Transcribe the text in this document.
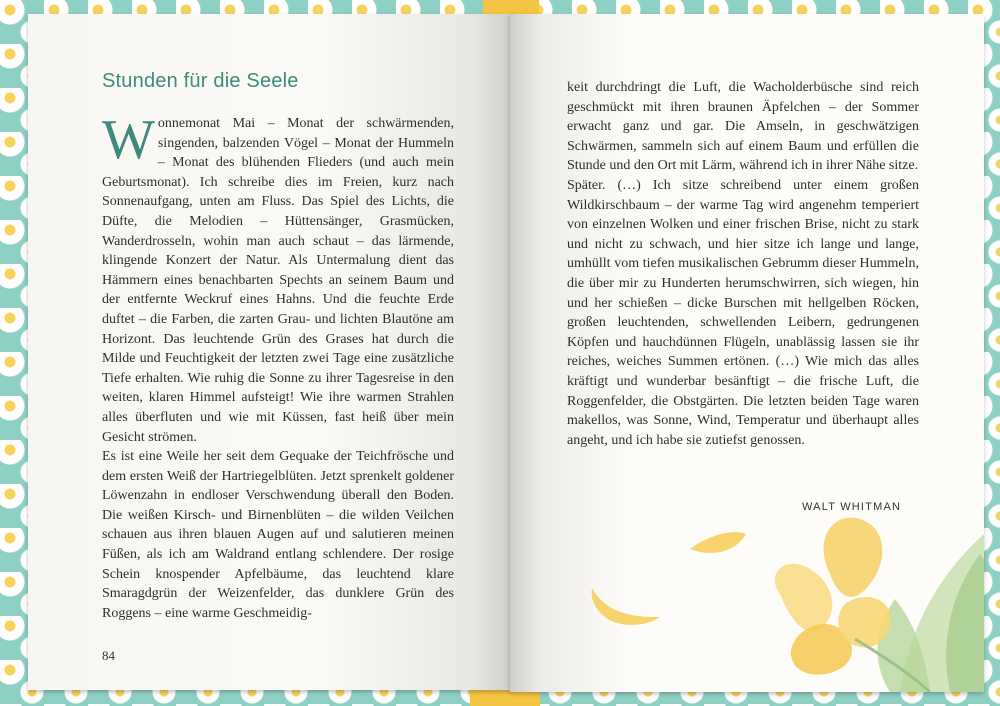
Stunden für die Seele

Wonnemonat Mai – Monat der schwärmenden, singenden, balzenden Vögel – Monat der Hummeln – Monat des blühenden Flieders (und auch mein Geburtsmonat). Ich schreibe dies im Freien, kurz nach Sonnenaufgang, unten am Fluss. Das Spiel des Lichts, die Düfte, die Melodien – Hüttensänger, Grasmücken, Wanderdrosseln, wohin man auch schaut – das lärmende, klingende Konzert der Natur. Als Untermalung dient das Hämmern eines benachbarten Spechts an seinem Baum und der entfernte Weckruf eines Hahns. Und die feuchte Erde duftet – die Farben, die zarten Grau- und lichten Blautöne am Horizont. Das leuchtende Grün des Grases hat durch die Milde und Feuchtigkeit der letzten zwei Tage eine zusätzliche Tiefe erhalten. Wie ruhig die Sonne zu ihrer Tagesreise in den weiten, klaren Himmel aufsteigt! Wie ihre warmen Strahlen alles überfluten und wie mit Küssen, fast heiß über mein Gesicht strömen.

Es ist eine Weile her seit dem Gequake der Teichfrösche und dem ersten Weiß der Hartriegelblüten. Jetzt sprenkelt goldener Löwenzahn in endloser Verschwendung überall den Boden. Die weißen Kirsch- und Birnenblüten – die wilden Veilchen schauen aus ihren blauen Augen auf und salutieren meinen Füßen, als ich am Waldrand entlang schlendere. Der rosige Schein knospender Apfelbäume, das leuchtend klare Smaragdgrün der Weizenfelder, das dunklere Grün des Roggens – eine warme Geschmeidig-

84

keit durchdringt die Luft, die Wacholderbüsche sind reich geschmückt mit ihren braunen Äpfelchen – der Sommer erwacht ganz und gar. Die Amseln, in geschwätzigen Schwärmen, sammeln sich auf einem Baum und erfüllen die Stunde und den Ort mit Lärm, während ich in ihrer Nähe sitze.

Später. (…) Ich sitze schreibend unter einem großen Wildkirschbaum – der warme Tag wird angenehm temperiert von einzelnen Wolken und einer frischen Brise, nicht zu stark und nicht zu schwach, und hier sitze ich lange und lange, umhüllt vom tiefen musikalischen Gebrumm dieser Hummeln, die über mir zu Hunderten herumschwirren, sich wiegen, hin und her schießen – dicke Burschen mit hellgelben Röcken, großen leuchtenden, schwellenden Leibern, gedrungenen Köpfen und hauchdünnen Flügeln, unablässig lassen sie ihr reiches, weiches Summen ertönen. (…) Wie mich das alles kräftigt und wunderbar besänftigt – die frische Luft, die Roggenfelder, die Obstgärten. Die letzten beiden Tage waren makellos, was Sonne, Wind, Temperatur und überhaupt alles angeht, und ich habe sie zutiefst genossen.

WALT WHITMAN
